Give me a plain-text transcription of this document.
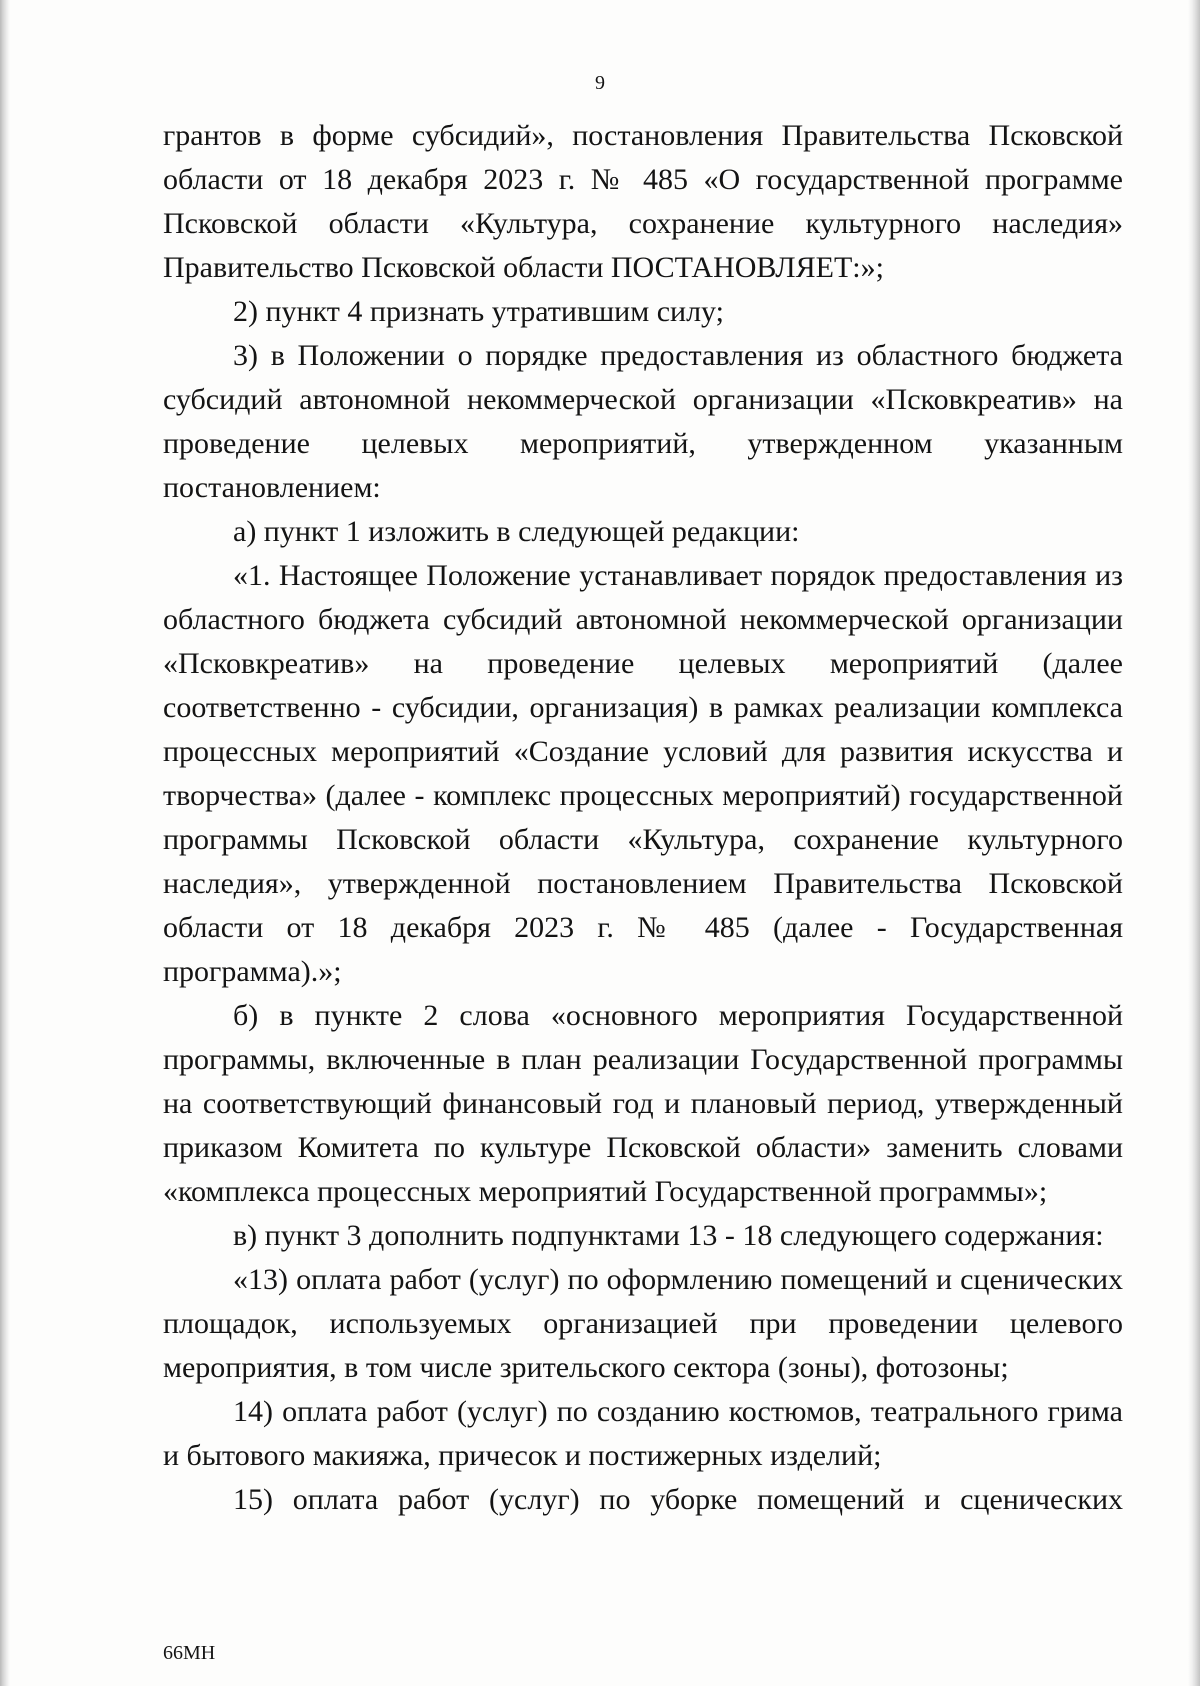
9

грантов в форме субсидий», постановления Правительства Псковской области от 18 декабря 2023 г. № 485 «О государственной программе Псковской области «Культура, сохранение культурного наследия» Правительство Псковской области ПОСТАНОВЛЯЕТ:»;

2) пункт 4 признать утратившим силу;

3) в Положении о порядке предоставления из областного бюджета субсидий автономной некоммерческой организации «Псковкреатив» на проведение целевых мероприятий, утвержденном указанным постановлением:

а) пункт 1 изложить в следующей редакции:

«1. Настоящее Положение устанавливает порядок предоставления из областного бюджета субсидий автономной некоммерческой организации «Псковкреатив» на проведение целевых мероприятий (далее соответственно - субсидии, организация) в рамках реализации комплекса процессных мероприятий «Создание условий для развития искусства и творчества» (далее - комплекс процессных мероприятий) государственной программы Псковской области «Культура, сохранение культурного наследия», утвержденной постановлением Правительства Псковской области от 18 декабря 2023 г. № 485 (далее - Государственная программа).»;

б) в пункте 2 слова «основного мероприятия Государственной программы, включенные в план реализации Государственной программы на соответствующий финансовый год и плановый период, утвержденный приказом Комитета по культуре Псковской области» заменить словами «комплекса процессных мероприятий Государственной программы»;

в) пункт 3 дополнить подпунктами 13 - 18 следующего содержания:

«13) оплата работ (услуг) по оформлению помещений и сценических площадок, используемых организацией при проведении целевого мероприятия, в том числе зрительского сектора (зоны), фотозоны;

14) оплата работ (услуг) по созданию костюмов, театрального грима и бытового макияжа, причесок и постижерных изделий;

15) оплата работ (услуг) по уборке помещений и сценических

66МН
